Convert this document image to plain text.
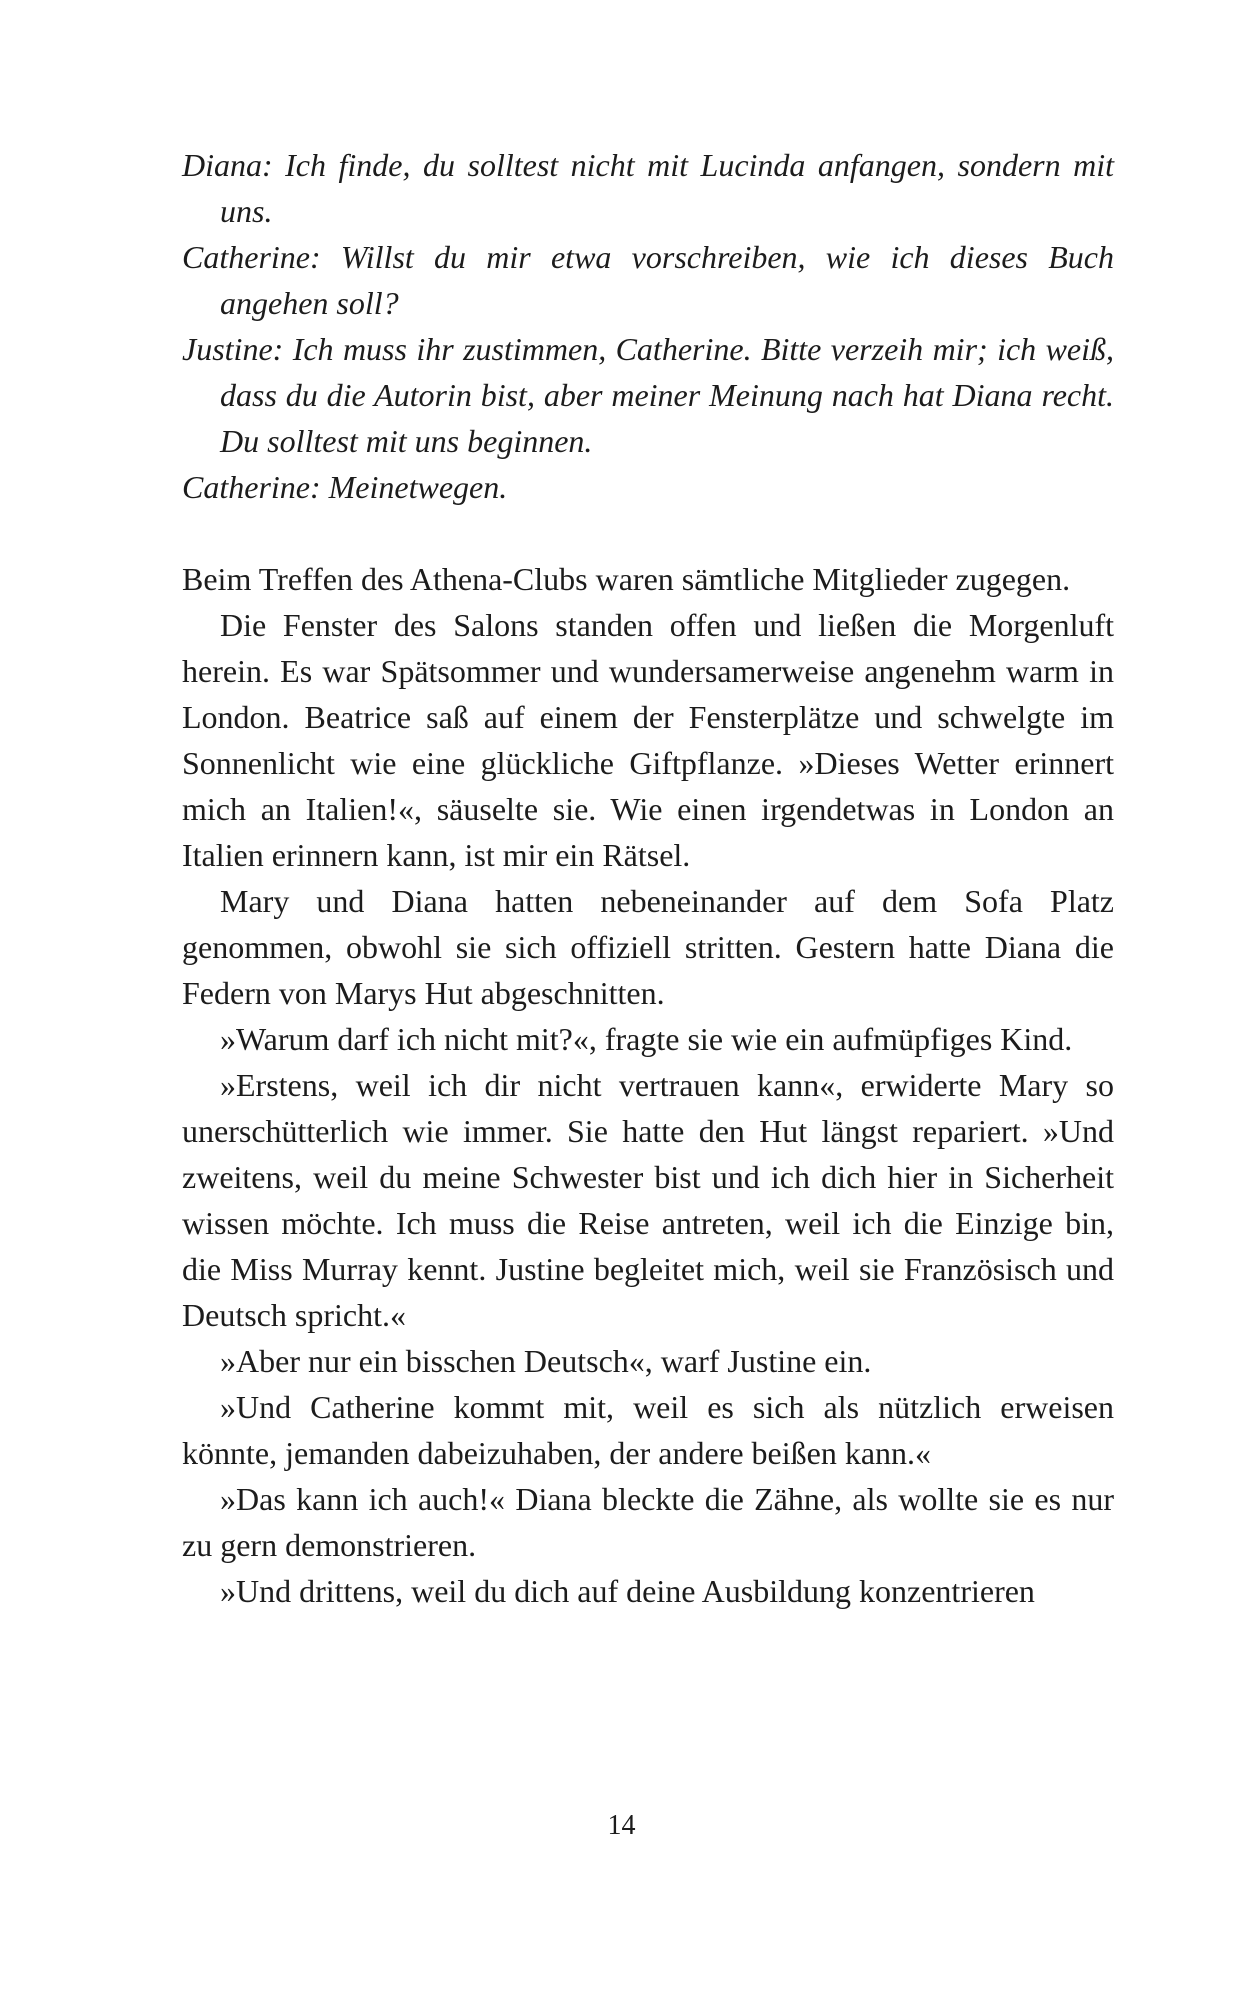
Diana: Ich finde, du solltest nicht mit Lucinda anfangen, sondern mit uns.

Catherine: Willst du mir etwa vorschreiben, wie ich dieses Buch angehen soll?

Justine: Ich muss ihr zustimmen, Catherine. Bitte verzeih mir; ich weiß, dass du die Autorin bist, aber meiner Meinung nach hat Diana recht. Du solltest mit uns beginnen.

Catherine: Meinetwegen.

Beim Treffen des Athena-Clubs waren sämtliche Mitglieder zugegen.

Die Fenster des Salons standen offen und ließen die Morgenluft herein. Es war Spätsommer und wundersamerweise angenehm warm in London. Beatrice saß auf einem der Fensterplätze und schwelgte im Sonnenlicht wie eine glückliche Giftpflanze. »Dieses Wetter erinnert mich an Italien!«, säuselte sie. Wie einen irgendetwas in London an Italien erinnern kann, ist mir ein Rätsel.

Mary und Diana hatten nebeneinander auf dem Sofa Platz genommen, obwohl sie sich offiziell stritten. Gestern hatte Diana die Federn von Marys Hut abgeschnitten.

»Warum darf ich nicht mit?«, fragte sie wie ein aufmüpfiges Kind.

»Erstens, weil ich dir nicht vertrauen kann«, erwiderte Mary so unerschütterlich wie immer. Sie hatte den Hut längst repariert. »Und zweitens, weil du meine Schwester bist und ich dich hier in Sicherheit wissen möchte. Ich muss die Reise antreten, weil ich die Einzige bin, die Miss Murray kennt. Justine begleitet mich, weil sie Französisch und Deutsch spricht.«

»Aber nur ein bisschen Deutsch«, warf Justine ein.

»Und Catherine kommt mit, weil es sich als nützlich erweisen könnte, jemanden dabeizuhaben, der andere beißen kann.«

»Das kann ich auch!« Diana bleckte die Zähne, als wollte sie es nur zu gern demonstrieren.

»Und drittens, weil du dich auf deine Ausbildung konzentrieren

14
